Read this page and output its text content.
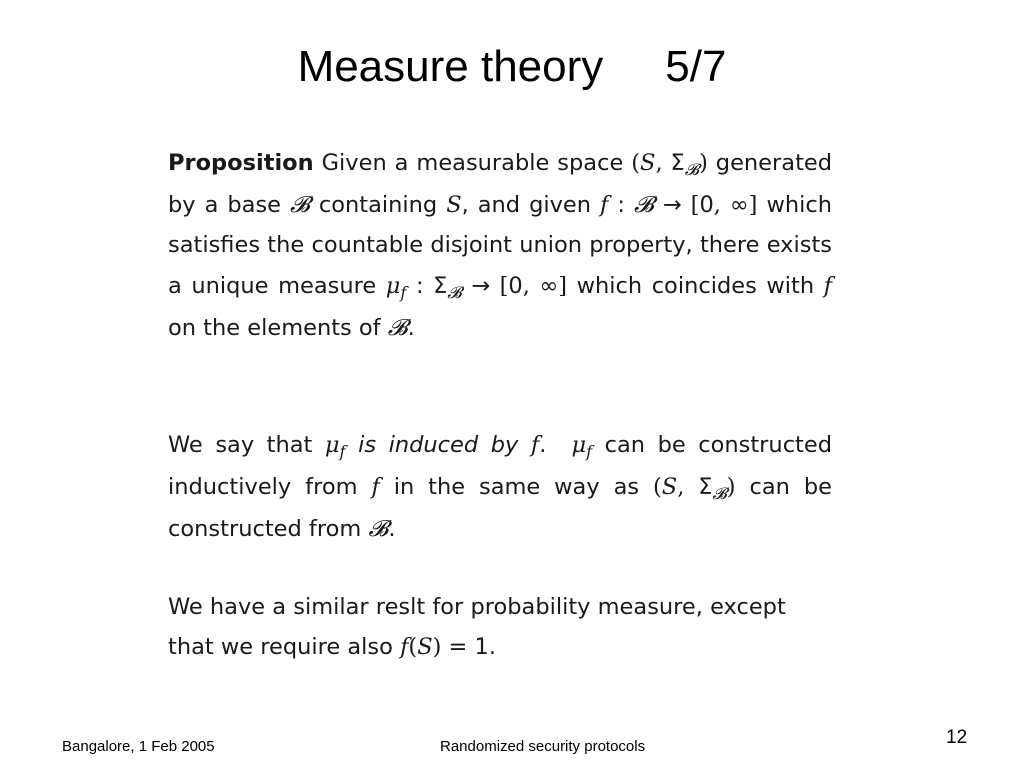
Measure theory 5/7
Proposition Given a measurable space (S, $\Sigma_𝓑$) generated by a base 𝓑 containing S, and given f : 𝓑 → [0, ∞] which satisfies the countable disjoint union property, there exists a unique measure $\mu_f$ : $\Sigma_𝓑 \to [0$, ∞] which coincides with f on the elements of 𝓑.
We say that $\mu_f$ is induced by f. $\mu_f$ can be constructed inductively from f in the same way as (S, $\Sigma_𝓑$) can be constructed from 𝓑.
We have a similar reslt for probability measure, except that we require also f(S) = 1.
Bangalore, 1 Feb 2005	Randomized security protocols	12
